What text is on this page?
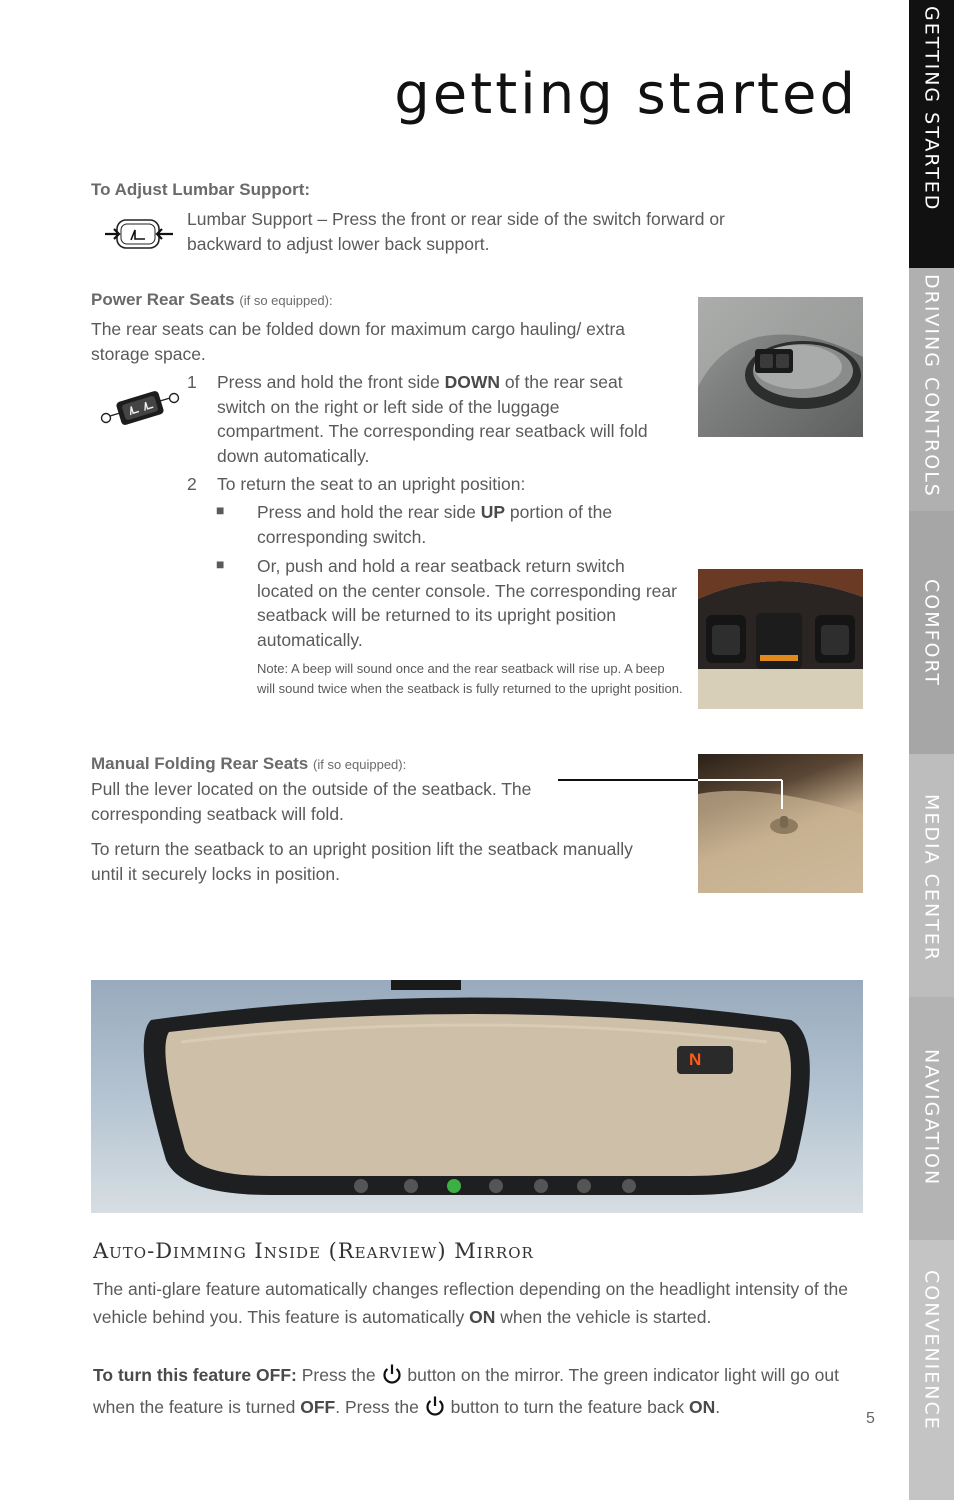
getting started	GETTING STARTED
DRIVING CONTROLS
COMFORT
MEDIA CENTER
NAVIGATION
CONVENIENCE
To Adjust Lumbar Support:
Lumbar Support – Press the front or rear side of the switch forward or backward to adjust lower back support.
Power Rear Seats (if so equipped):
The rear seats can be folded down for maximum cargo hauling/ extra storage space.
1 Press and hold the front side DOWN of the rear seat switch on the right or left side of the luggage compartment. The corresponding rear seatback will fold down automatically.
2 To return the seat to an upright position:
■ Press and hold the rear side UP portion of the corresponding switch.
■ Or, push and hold a rear seatback return switch located on the center console. The corresponding rear seatback will be returned to its upright position automatically.
Note: A beep will sound once and the rear seatback will rise up. A beep will sound twice when the seatback is fully returned to the upright position.
Manual Folding Rear Seats (if so equipped):
Pull the lever located on the outside of the seatback. The corresponding seatback will fold.
To return the seatback to an upright position lift the seatback manually until it securely locks in position.
N
Auto-Dimming Inside (Rearview) Mirror
The anti-glare feature automatically changes reflection depending on the headlight intensity of the vehicle behind you. This feature is automatically ON when the vehicle is started.
To turn this feature OFF: Press the  button on the mirror. The green indicator light will go out when the feature is turned OFF. Press the  button to turn the feature back ON.
5
